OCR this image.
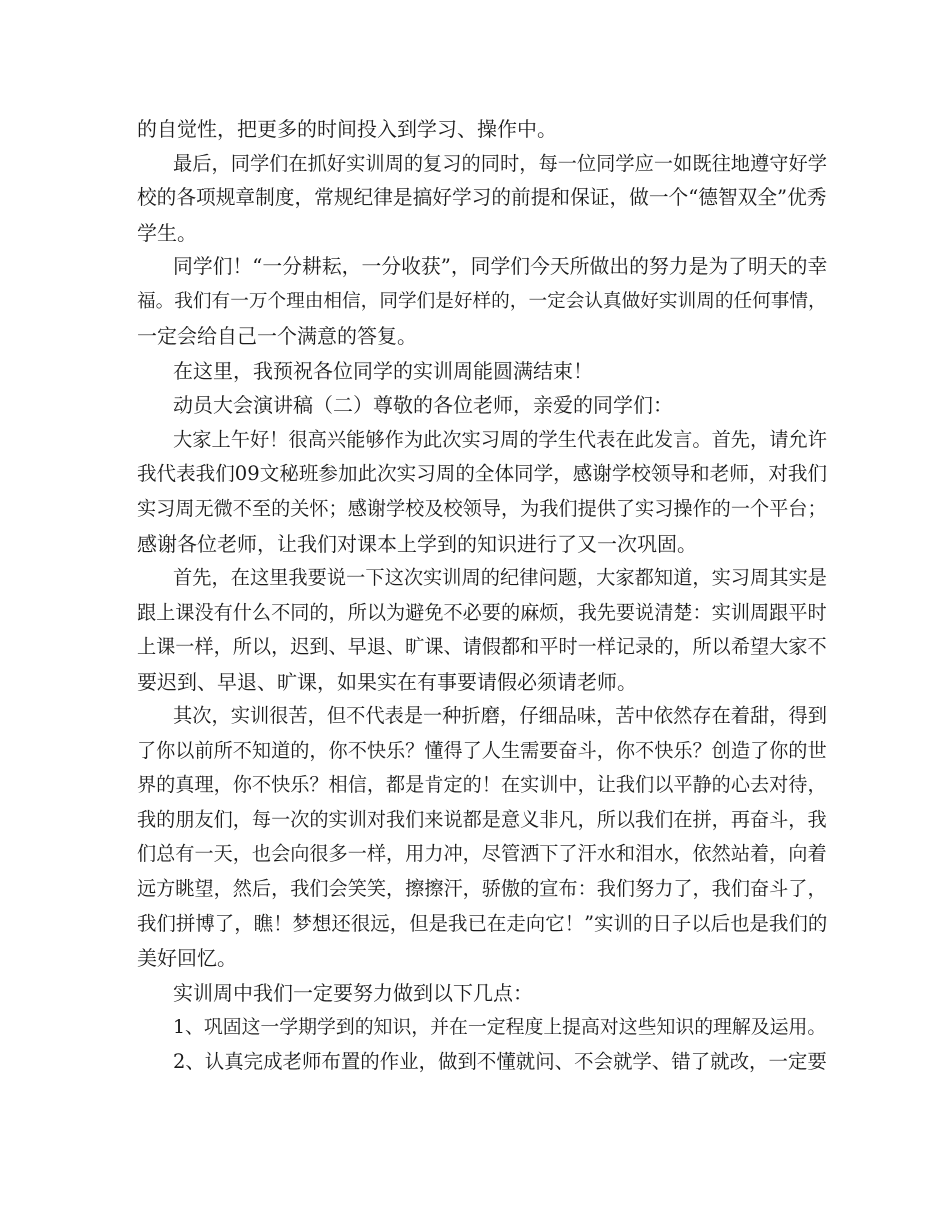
的自觉性，把更多的时间投入到学习、操作中。
最后，同学们在抓好实训周的复习的同时，每一位同学应一如既往地遵守好学
校的各项规章制度，常规纪律是搞好学习的前提和保证，做一个“德智双全”优秀
学生。
同学们！“一分耕耘，一分收获”，同学们今天所做出的努力是为了明天的幸
福。我们有一万个理由相信，同学们是好样的，一定会认真做好实训周的任何事情，
一定会给自己一个满意的答复。
在这里，我预祝各位同学的实训周能圆满结束！
动员大会演讲稿（二）尊敬的各位老师，亲爱的同学们：
大家上午好！很高兴能够作为此次实习周的学生代表在此发言。首先，请允许
我代表我们09文秘班参加此次实习周的全体同学，感谢学校领导和老师，对我们
实习周无微不至的关怀；感谢学校及校领导，为我们提供了实习操作的一个平台；
感谢各位老师，让我们对课本上学到的知识进行了又一次巩固。
首先，在这里我要说一下这次实训周的纪律问题，大家都知道，实习周其实是
跟上课没有什么不同的，所以为避免不必要的麻烦，我先要说清楚：实训周跟平时
上课一样，所以，迟到、早退、旷课、请假都和平时一样记录的，所以希望大家不
要迟到、早退、旷课，如果实在有事要请假必须请老师。
其次，实训很苦，但不代表是一种折磨，仔细品味，苦中依然存在着甜，得到
了你以前所不知道的，你不快乐？懂得了人生需要奋斗，你不快乐？创造了你的世
界的真理，你不快乐？相信，都是肯定的！在实训中，让我们以平静的心去对待，
我的朋友们，每一次的实训对我们来说都是意义非凡，所以我们在拼，再奋斗，我
们总有一天，也会向很多一样，用力冲，尽管洒下了汗水和泪水，依然站着，向着
远方眺望，然后，我们会笑笑，擦擦汗，骄傲的宣布：我们努力了，我们奋斗了，
我们拼博了，瞧！梦想还很远，但是我已在走向它！”实训的日子以后也是我们的
美好回忆。
实训周中我们一定要努力做到以下几点：
1、巩固这一学期学到的知识，并在一定程度上提高对这些知识的理解及运用。
2、认真完成老师布置的作业，做到不懂就问、不会就学、错了就改，一定要
